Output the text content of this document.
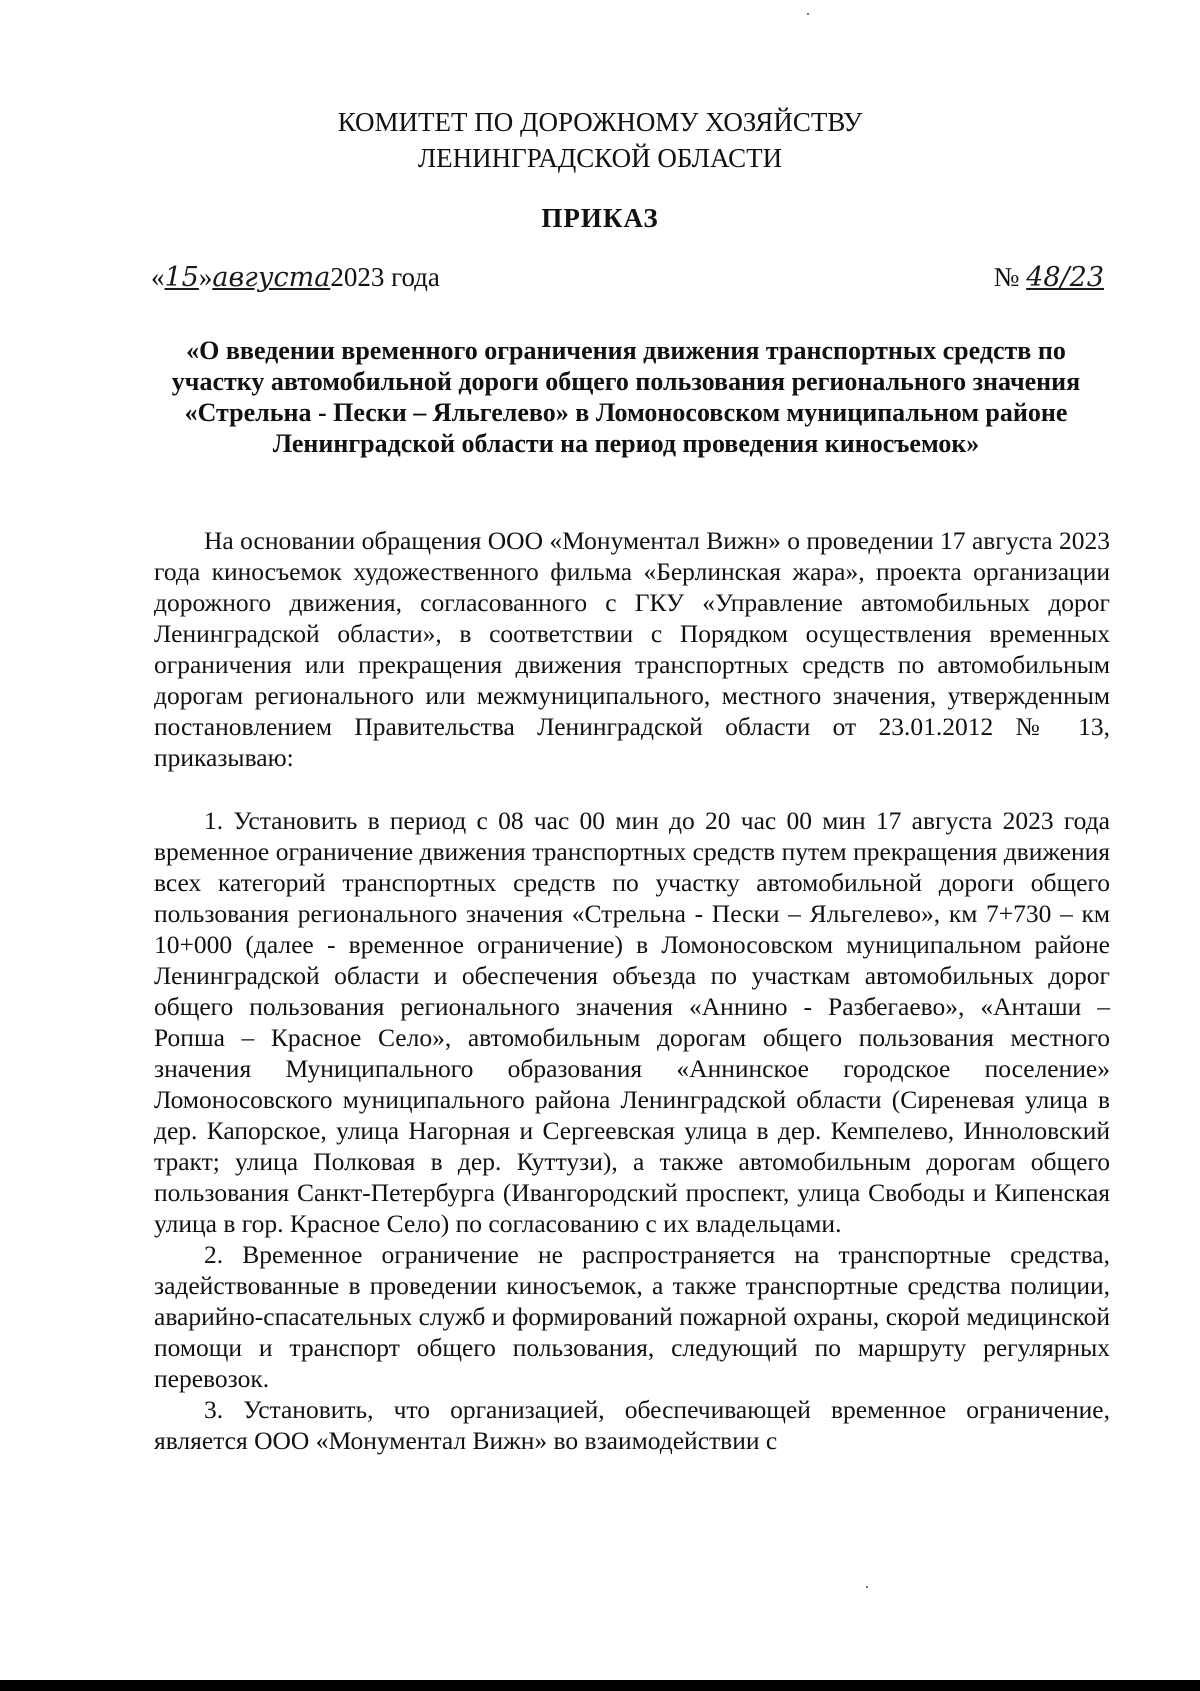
КОМИТЕТ ПО ДОРОЖНОМУ ХОЗЯЙСТВУ
ЛЕНИНГРАДСКОЙ ОБЛАСТИ
ПРИКАЗ
«15»августа2023 года	№ 48/23
«О введении временного ограничения движения транспортных средств по участку автомобильной дороги общего пользования регионального значения «Стрельна - Пески – Яльгелево» в Ломоносовском муниципальном районе Ленинградской области на период проведения киносъемок»

На основании обращения ООО «Монументал Вижн» о проведении 17 августа 2023 года киносъемок художественного фильма «Берлинская жара», проекта организации дорожного движения, согласованного с ГКУ «Управление автомобильных дорог Ленинградской области», в соответствии с Порядком осуществления временных ограничения или прекращения движения транспортных средств по автомобильным дорогам регионального или межмуниципального, местного значения, утвержденным постановлением Правительства Ленинградской области от 23.01.2012 № 13, приказываю:

1. Установить в период с 08 час 00 мин до 20 час 00 мин 17 августа 2023 года временное ограничение движения транспортных средств путем прекращения движения всех категорий транспортных средств по участку автомобильной дороги общего пользования регионального значения «Стрельна - Пески – Яльгелево», км 7+730 – км 10+000 (далее - временное ограничение) в Ломоносовском муниципальном районе Ленинградской области и обеспечения объезда по участкам автомобильных дорог общего пользования регионального значения «Аннино - Разбегаево», «Анташи – Ропша – Красное Село», автомобильным дорогам общего пользования местного значения Муниципального образования «Аннинское городское поселение» Ломоносовского муниципального района Ленинградской области (Сиреневая улица в дер. Капорское, улица Нагорная и Сергеевская улица в дер. Кемпелево, Инноловский тракт; улица Полковая в дер. Куттузи), а также автомобильным дорогам общего пользования Санкт-Петербурга (Ивангородский проспект, улица Свободы и Кипенская улица в гор. Красное Село) по согласованию с их владельцами.

2. Временное ограничение не распространяется на транспортные средства, задействованные в проведении киносъемок, а также транспортные средства полиции, аварийно-спасательных служб и формирований пожарной охраны, скорой медицинской помощи и транспорт общего пользования, следующий по маршруту регулярных перевозок.

3. Установить, что организацией, обеспечивающей временное ограничение, является ООО «Монументал Вижн» во взаимодействии с
